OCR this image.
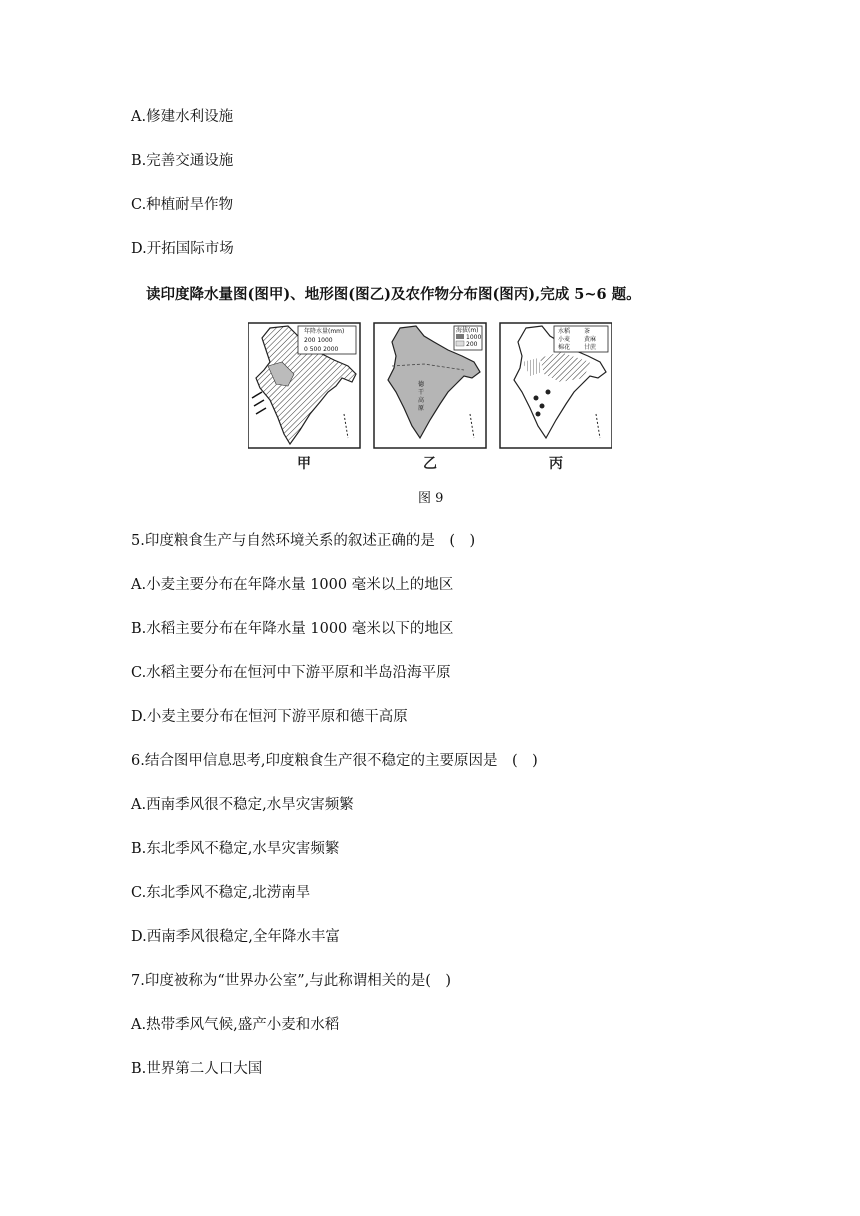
A.修建水利设施
B.完善交通设施
C.种植耐旱作物
D.开拓国际市场
读印度降水量图(图甲)、地形图(图乙)及农作物分布图(图丙),完成 5~6 题。
年降水量(mm)
200 1000
0 500 2000
海拔(m)
1000
200
德
干
高
原
水稻 茶
小麦 黄麻
棉花 甘蔗
甲	乙	丙
图 9
5.印度粮食生产与自然环境关系的叙述正确的是　(　)
A.小麦主要分布在年降水量 1000 毫米以上的地区
B.水稻主要分布在年降水量 1000 毫米以下的地区
C.水稻主要分布在恒河中下游平原和半岛沿海平原
D.小麦主要分布在恒河下游平原和德干高原
6.结合图甲信息思考,印度粮食生产很不稳定的主要原因是　(　)
A.西南季风很不稳定,水旱灾害频繁
B.东北季风不稳定,水旱灾害频繁
C.东北季风不稳定,北涝南旱
D.西南季风很稳定,全年降水丰富
7.印度被称为“世界办公室”,与此称谓相关的是(　)
A.热带季风气候,盛产小麦和水稻
B.世界第二人口大国
